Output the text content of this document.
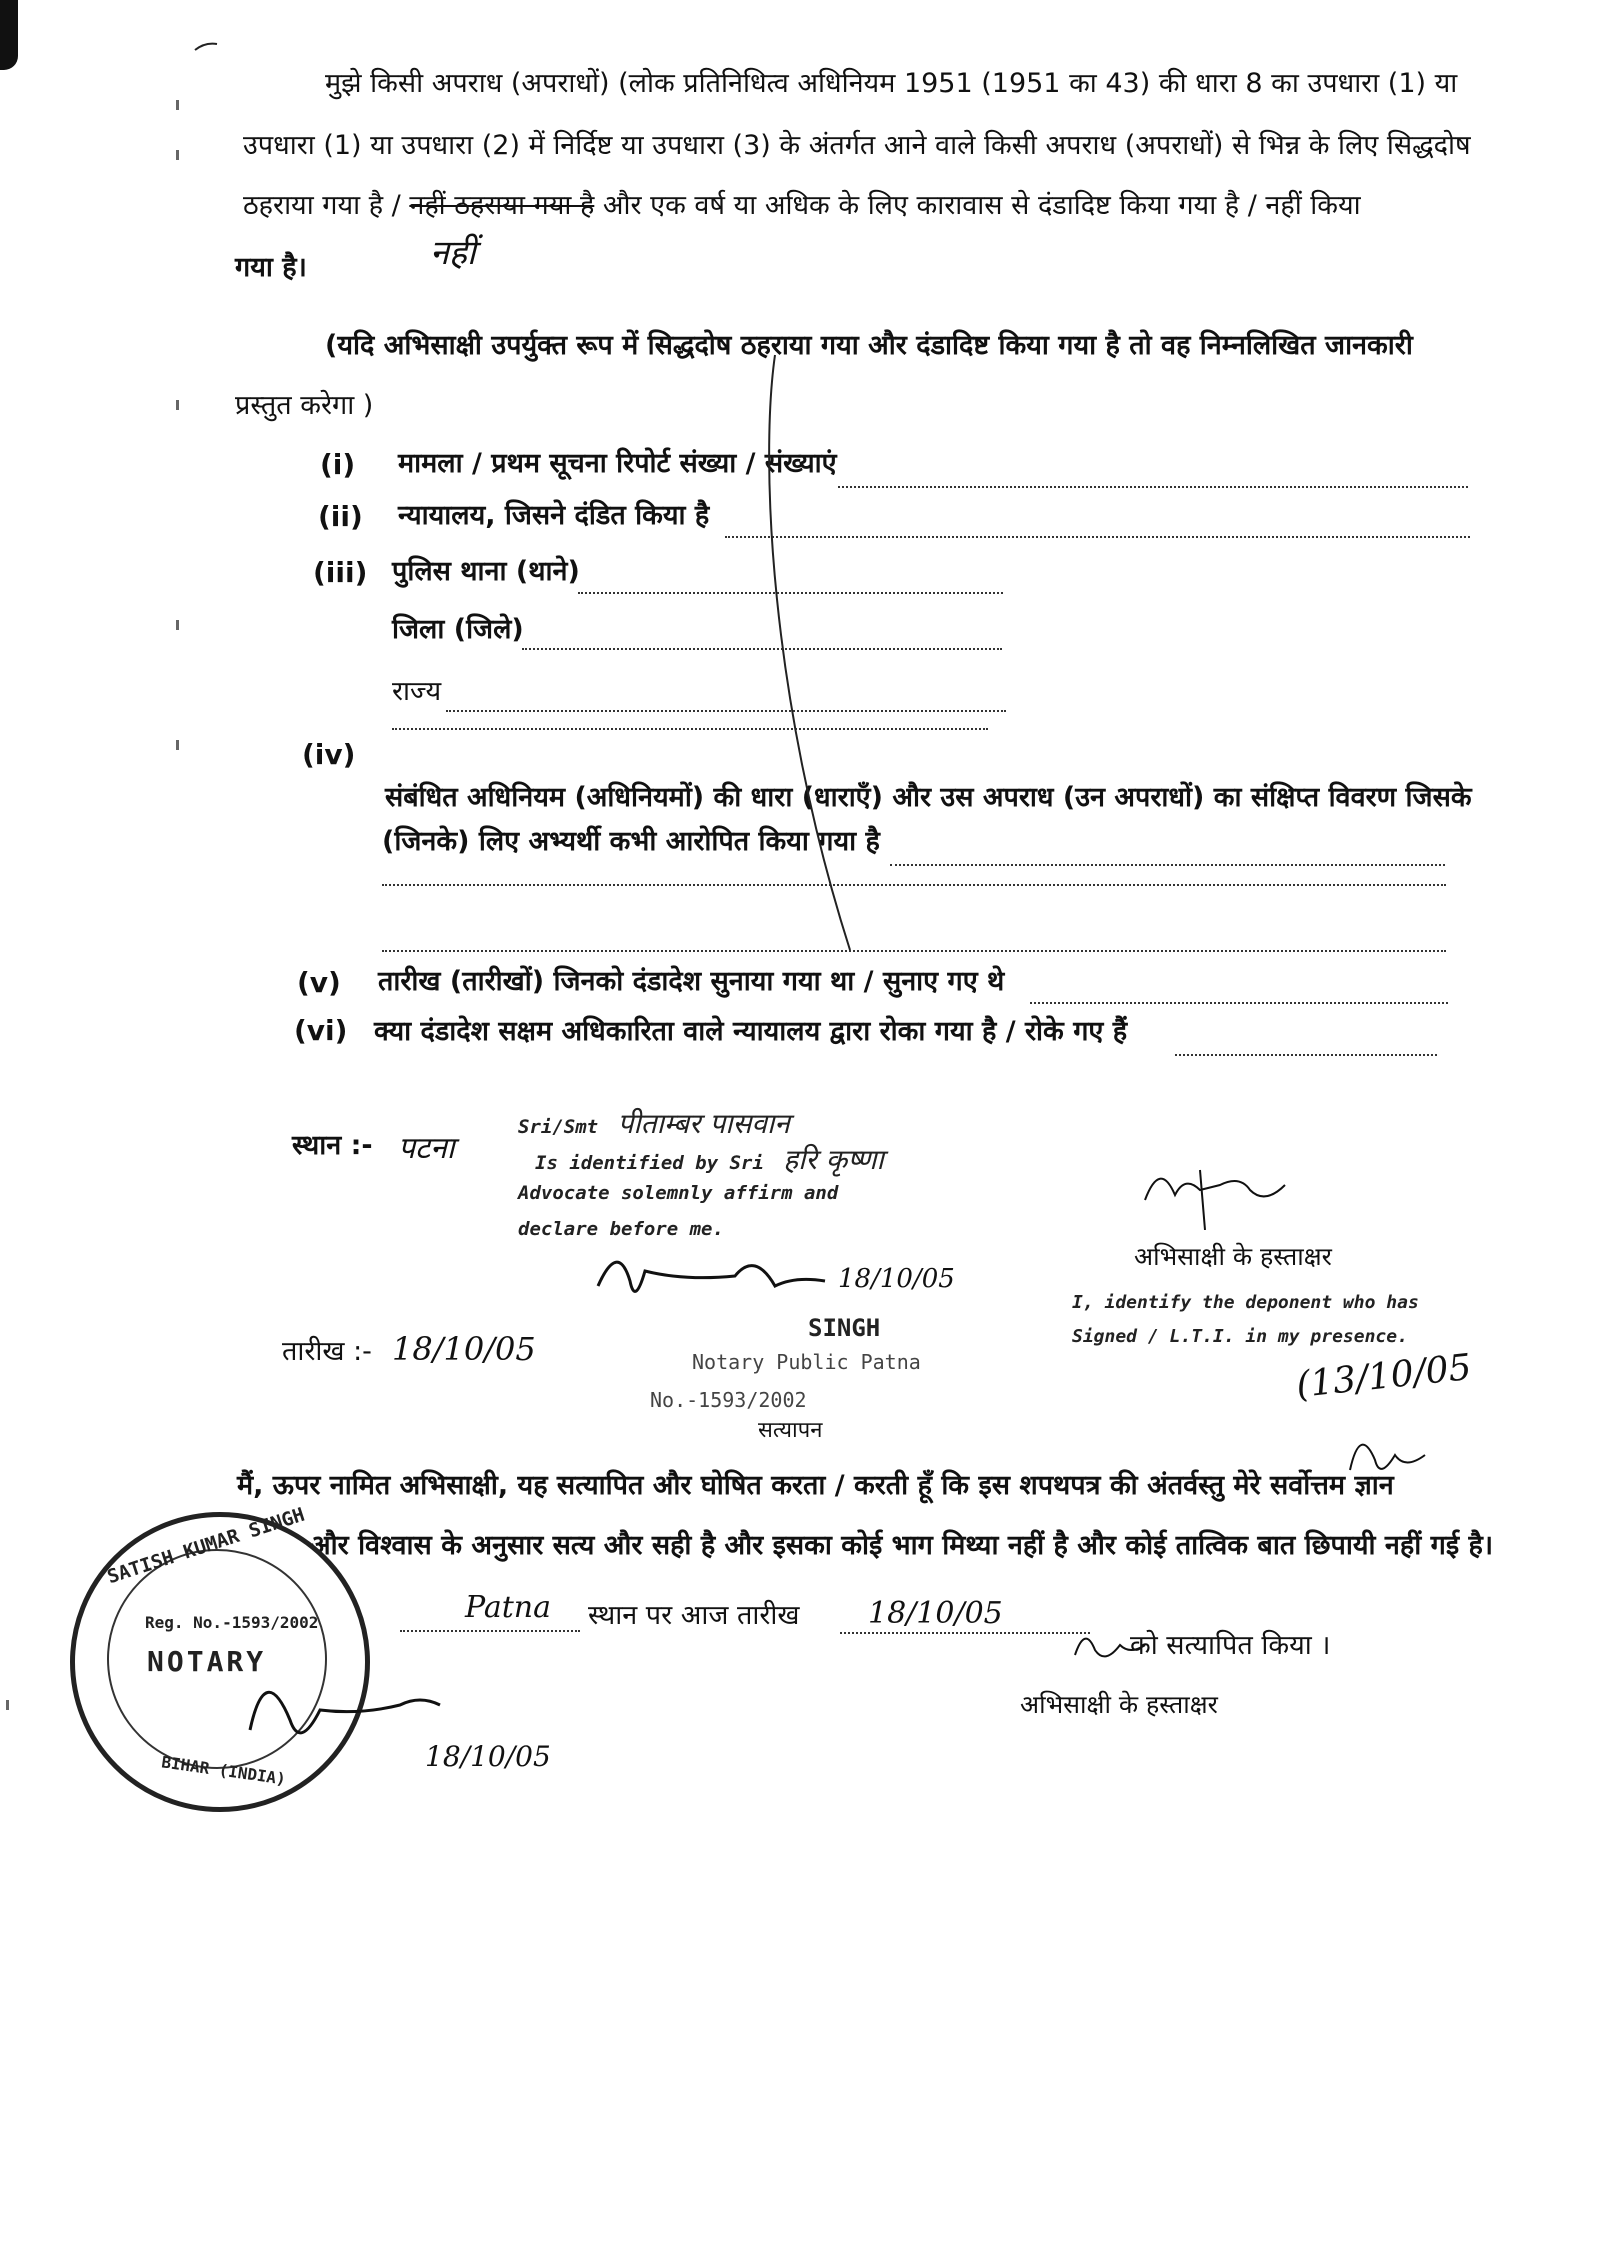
मुझे किसी अपराध (अपराधों) (लोक प्रतिनिधित्व अधिनियम 1951 (1951 का 43) की धारा 8 का उपधारा (1) या
उपधारा (1) या उपधारा (2) में निर्दिष्ट या उपधारा (3) के अंतर्गत आने वाले किसी अपराध (अपराधों) से भिन्न के लिए सिद्धदोष
ठहराया गया है / नहीं ठहराया गया है और एक वर्ष या अधिक के लिए कारावास से दंडादिष्ट किया गया है / नहीं किया
गया है।	नहीं
(यदि अभिसाक्षी उपर्युक्त रूप में सिद्धदोष ठहराया गया और दंडादिष्ट किया गया है तो वह निम्नलिखित जानकारी
प्रस्तुत करेगा )
(i) मामला / प्रथम सूचना रिपोर्ट संख्या / संख्याएं
(ii) न्यायालय, जिसने दंडित किया है
(iii) पुलिस थाना (थाने)
जिला (जिले)
राज्य
(iv)
संबंधित अधिनियम (अधिनियमों) की धारा (धाराएँ) और उस अपराध (उन अपराधों) का संक्षिप्त विवरण जिसके
(जिनके) लिए अभ्यर्थी कभी आरोपित किया गया है
(v) तारीख (तारीखों) जिनको दंडादेश सुनाया गया था / सुनाए गए थे
(vi) क्या दंडादेश सक्षम अधिकारिता वाले न्यायालय द्वारा रोका गया है / रोके गए हैं
स्थान :- पटना
तारीख :- 18/10/05
Sri/Smt पीताम्बर पासवान
Is identified by Sri हरि कृष्णा
Advocate solemnly affirm and
declare before me.
18/10/05
SINGH
Notary Public Patna
No.-1593/2002
सत्यापन
अभिसाक्षी के हस्ताक्षर
I, identify the deponent who has
Signed / L.T.I. in my presence.
(13/10/05
मैं, ऊपर नामित अभिसाक्षी, यह सत्यापित और घोषित करता / करती हूँ कि इस शपथपत्र की अंतर्वस्तु मेरे सर्वोत्तम ज्ञान
और विश्वास के अनुसार सत्य और सही है और इसका कोई भाग मिथ्या नहीं है और कोई तात्विक बात छिपायी नहीं गई है।
Patna स्थान पर आज तारीख 18/10/05
को सत्यापित किया ।
अभिसाक्षी के हस्ताक्षर
SATISH KUMAR SINGH
Reg. No.-1593/2002
NOTARY
BIHAR (INDIA)	18/10/05
